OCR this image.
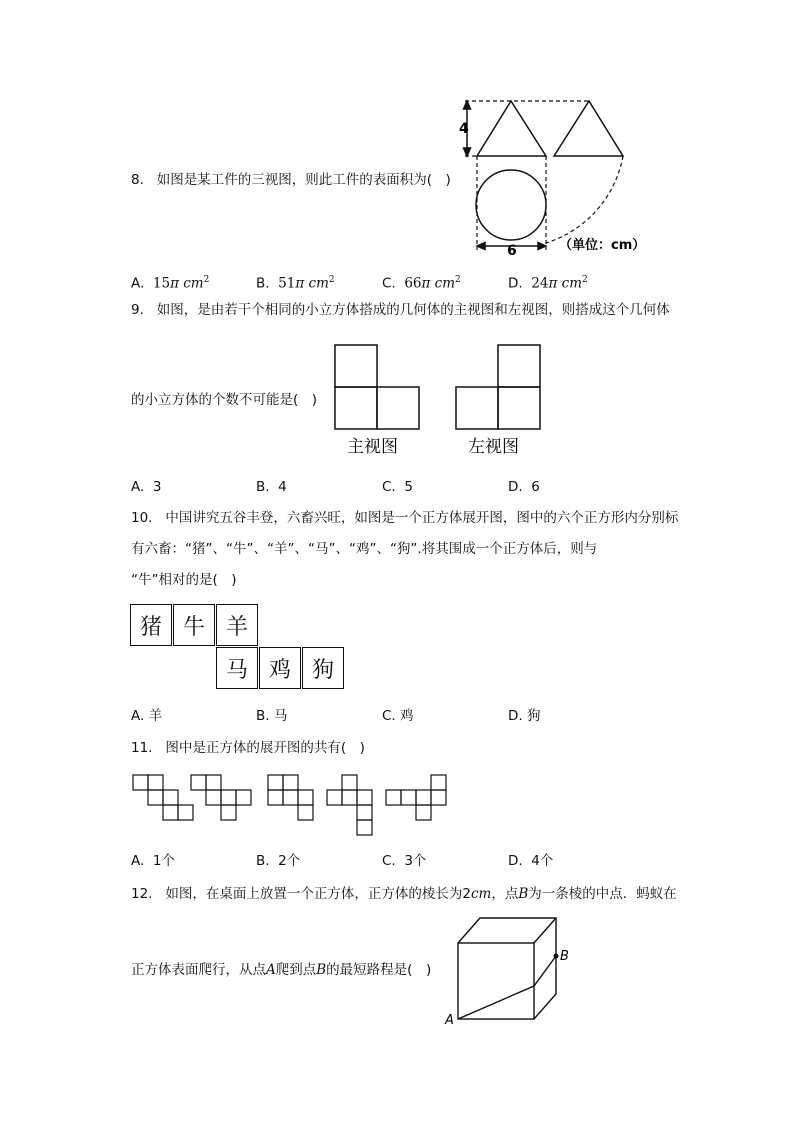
8. 如图是某工件的三视图，则此工件的表面积为(　)
4
6	（单位：cm）
A. 15π $cm^2$	B. 51π $cm^2$	C. 66π $cm^2$	D. 24π $cm^2$
9. 如图，是由若干个相同的小立方体搭成的几何体的主视图和左视图，则搭成这个几何体
的小立方体的个数不可能是(　)
主视图	左视图
A. 3	B. 4	C. 5	D. 6
10. 中国讲究五谷丰登，六畜兴旺，如图是一个正方体展开图，图中的六个正方形内分别标
有六畜：“猪”、“牛”、“羊”、“马”、“鸡”、“狗”.将其围成一个正方体后，则与
“牛”相对的是(　)
猪 牛 羊
马 鸡 狗
A. 羊	B. 马	C. 鸡	D. 狗
11. 图中是正方体的展开图的共有(　)
A. 1个	B. 2个	C. 3个	D. 4个
12. 如图，在桌面上放置一个正方体，正方体的棱长为2cm，点B为一条棱的中点．蚂蚁在
正方体表面爬行，从点A爬到点B的最短路程是(　)
B
A
